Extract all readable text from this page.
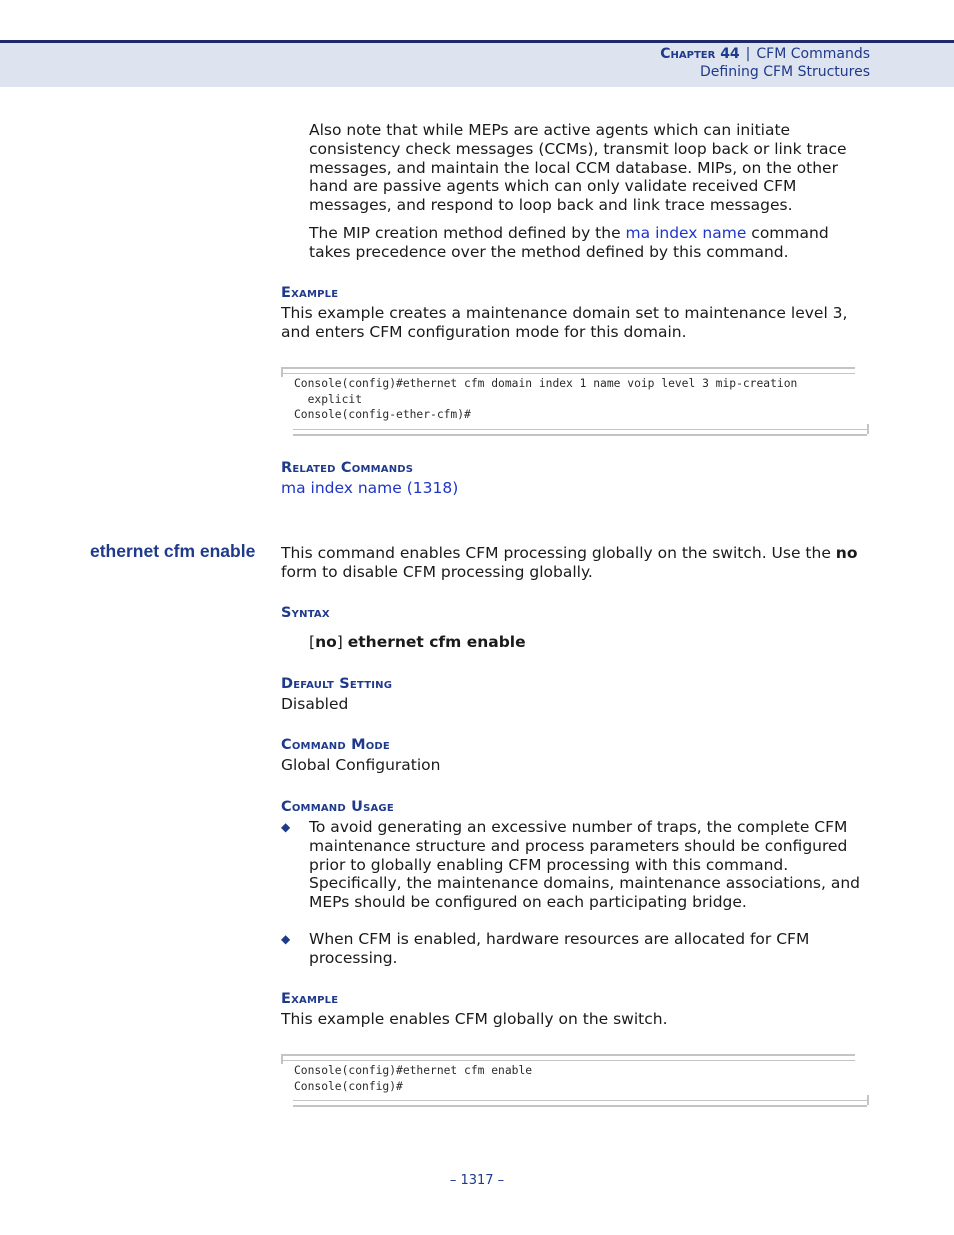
Chapter 44 | CFM Commands
Defining CFM Structures

Also note that while MEPs are active agents which can initiate consistency check messages (CCMs), transmit loop back or link trace messages, and maintain the local CCM database. MIPs, on the other hand are passive agents which can only validate received CFM messages, and respond to loop back and link trace messages.

The MIP creation method defined by the ma index name command takes precedence over the method defined by this command.

Example
This example creates a maintenance domain set to maintenance level 3, and enters CFM configuration mode for this domain.
Console(config)#ethernet cfm domain index 1 name voip level 3 mip-creation
explicit
Console(config-ether-cfm)#
Related Commands
ma index name (1318)
ethernet cfm enable This command enables CFM processing globally on the switch. Use the no form to disable CFM processing globally.

Syntax
[no] ethernet cfm enable
Default Setting
Disabled
Command Mode
Global Configuration
Command Usage
◆ To avoid generating an excessive number of traps, the complete CFM maintenance structure and process parameters should be configured prior to globally enabling CFM processing with this command. Specifically, the maintenance domains, maintenance associations, and MEPs should be configured on each participating bridge.
◆ When CFM is enabled, hardware resources are allocated for CFM processing.
Example
This example enables CFM globally on the switch.
Console(config)#ethernet cfm enable
Console(config)#
– 1317 –
